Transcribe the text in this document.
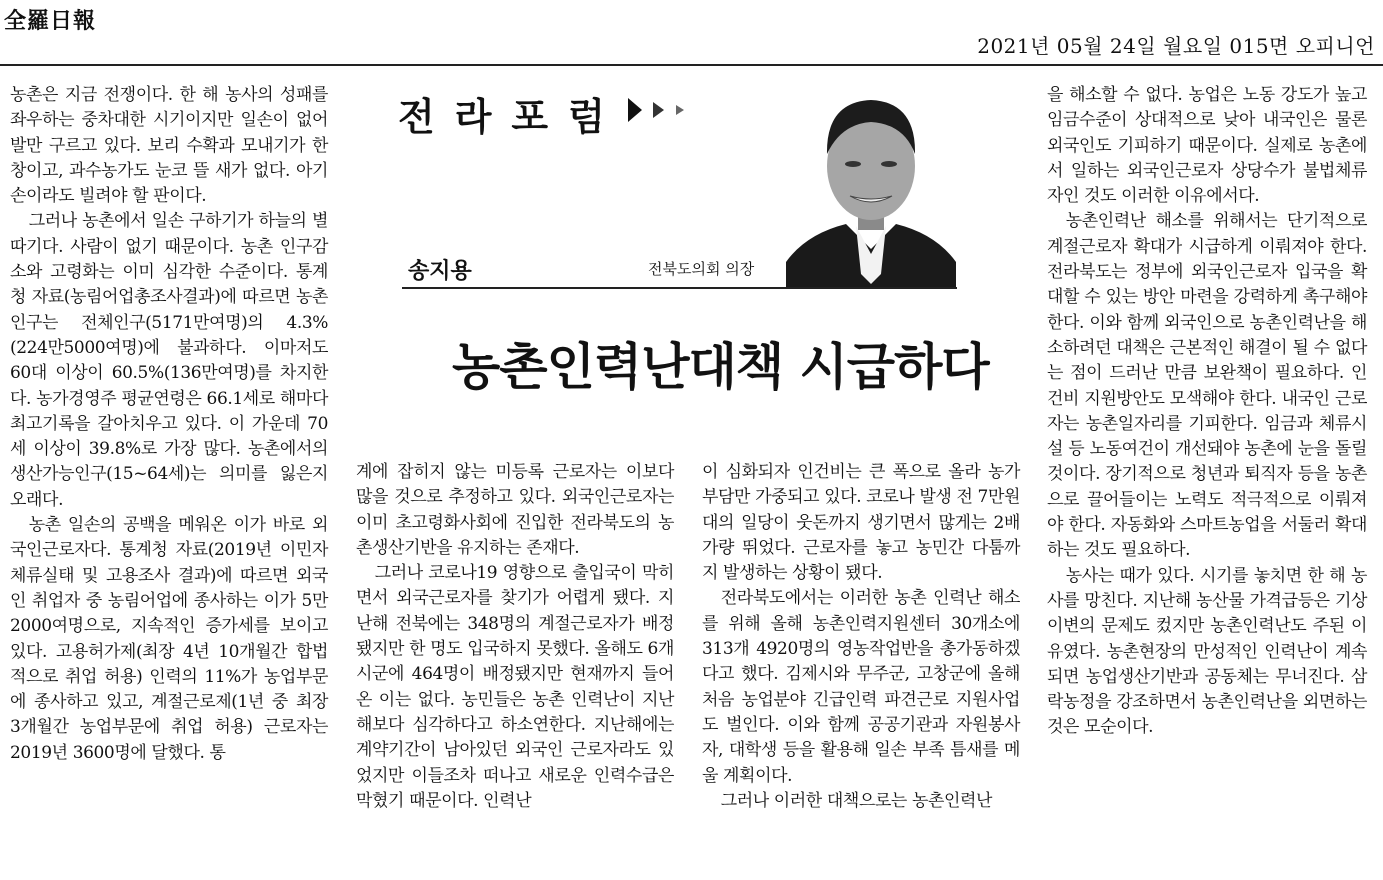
全羅日報
2021년 05월 24일 월요일 015면 오피니언

농촌은 지금 전쟁이다. 한 해 농사의 성패를 좌우하는 중차대한 시기이지만 일손이 없어 발만 구르고 있다. 보리 수확과 모내기가 한창이고, 과수농가도 눈코 뜰 새가 없다. 아기 손이라도 빌려야 할 판이다.

그러나 농촌에서 일손 구하기가 하늘의 별 따기다. 사람이 없기 때문이다. 농촌 인구감소와 고령화는 이미 심각한 수준이다. 통계청 자료(농림어업총조사결과)에 따르면 농촌인구는 전체인구(5171만여명)의 4.3%(224만5000여명)에 불과하다. 이마저도 60대 이상이 60.5%(136만여명)를 차지한다. 농가경영주 평균연령은 66.1세로 해마다 최고기록을 갈아치우고 있다. 이 가운데 70세 이상이 39.8%로 가장 많다. 농촌에서의 생산가능인구(15~64세)는 의미를 잃은지 오래다.

농촌 일손의 공백을 메워온 이가 바로 외국인근로자다. 통계청 자료(2019년 이민자 체류실태 및 고용조사 결과)에 따르면 외국인 취업자 중 농림어업에 종사하는 이가 5만2000여명으로, 지속적인 증가세를 보이고 있다. 고용허가제(최장 4년 10개월간 합법적으로 취업 허용) 인력의 11%가 농업부문에 종사하고 있고, 계절근로제(1년 중 최장 3개월간 농업부문에 취업 허용) 근로자는 2019년 3600명에 달했다. 통

전라포럼
송지용	전북도의회 의장
농촌인력난대책 시급하다

계에 잡히지 않는 미등록 근로자는 이보다 많을 것으로 추정하고 있다. 외국인근로자는 이미 초고령화사회에 진입한 전라북도의 농촌생산기반을 유지하는 존재다.

그러나 코로나19 영향으로 출입국이 막히면서 외국근로자를 찾기가 어렵게 됐다. 지난해 전북에는 348명의 계절근로자가 배정됐지만 한 명도 입국하지 못했다. 올해도 6개 시군에 464명이 배정됐지만 현재까지 들어온 이는 없다. 농민들은 농촌 인력난이 지난해보다 심각하다고 하소연한다. 지난해에는 계약기간이 남아있던 외국인 근로자라도 있었지만 이들조차 떠나고 새로운 인력수급은 막혔기 때문이다. 인력난

이 심화되자 인건비는 큰 폭으로 올라 농가부담만 가중되고 있다. 코로나 발생 전 7만원대의 일당이 웃돈까지 생기면서 많게는 2배가량 뛰었다. 근로자를 놓고 농민간 다툼까지 발생하는 상황이 됐다.

전라북도에서는 이러한 농촌 인력난 해소를 위해 올해 농촌인력지원센터 30개소에 313개 4920명의 영농작업반을 총가동하겠다고 했다. 김제시와 무주군, 고창군에 올해 처음 농업분야 긴급인력 파견근로 지원사업도 벌인다. 이와 함께 공공기관과 자원봉사자, 대학생 등을 활용해 일손 부족 틈새를 메울 계획이다.

그러나 이러한 대책으로는 농촌인력난

을 해소할 수 없다. 농업은 노동 강도가 높고 임금수준이 상대적으로 낮아 내국인은 물론 외국인도 기피하기 때문이다. 실제로 농촌에서 일하는 외국인근로자 상당수가 불법체류자인 것도 이러한 이유에서다.

농촌인력난 해소를 위해서는 단기적으로 계절근로자 확대가 시급하게 이뤄져야 한다. 전라북도는 정부에 외국인근로자 입국을 확대할 수 있는 방안 마련을 강력하게 촉구해야 한다. 이와 함께 외국인으로 농촌인력난을 해소하려던 대책은 근본적인 해결이 될 수 없다는 점이 드러난 만큼 보완책이 필요하다. 인건비 지원방안도 모색해야 한다. 내국인 근로자는 농촌일자리를 기피한다. 임금과 체류시설 등 노동여건이 개선돼야 농촌에 눈을 돌릴 것이다. 장기적으로 청년과 퇴직자 등을 농촌으로 끌어들이는 노력도 적극적으로 이뤄져야 한다. 자동화와 스마트농업을 서둘러 확대하는 것도 필요하다.

농사는 때가 있다. 시기를 놓치면 한 해 농사를 망친다. 지난해 농산물 가격급등은 기상이변의 문제도 컸지만 농촌인력난도 주된 이유였다. 농촌현장의 만성적인 인력난이 계속되면 농업생산기반과 공동체는 무너진다. 삼락농정을 강조하면서 농촌인력난을 외면하는 것은 모순이다.
